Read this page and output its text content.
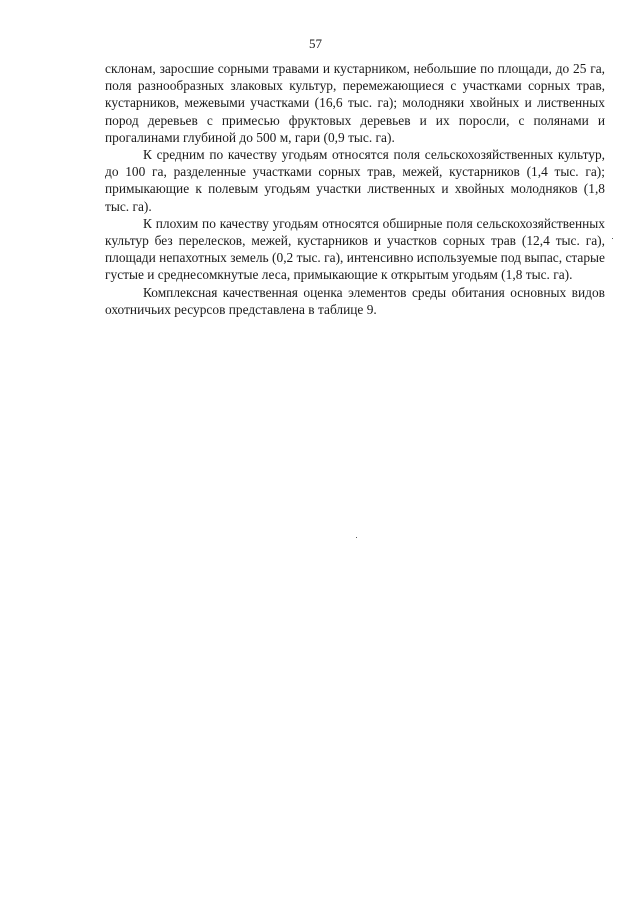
57

склонам, заросшие сорными травами и кустарником, небольшие по площади, до 25 га, поля разнообразных злаковых культур, перемежающиеся с участками сорных трав, кустарников, межевыми участками (16,6 тыс. га); молодняки хвойных и лиственных пород деревьев с примесью фруктовых деревьев и их поросли, с полянами и прогалинами глубиной до 500 м, гари (0,9 тыс. га).

К средним по качеству угодьям относятся поля сельскохозяйственных культур, до 100 га, разделенные участками сорных трав, межей, кустарников (1,4 тыс. га); примыкающие к полевым угодьям участки лиственных и хвойных молодняков (1,8 тыс. га).

К плохим по качеству угодьям относятся обширные поля сельскохозяйственных культур без перелесков, межей, кустарников и участков сорных трав (12,4 тыс. га), площади непахотных земель (0,2 тыс. га), интенсивно используемые под выпас, старые густые и среднесомкнутые леса, примыкающие к открытым угодьям (1,8 тыс. га).

Комплексная качественная оценка элементов среды обитания основных видов охотничьих ресурсов представлена в таблице 9.
